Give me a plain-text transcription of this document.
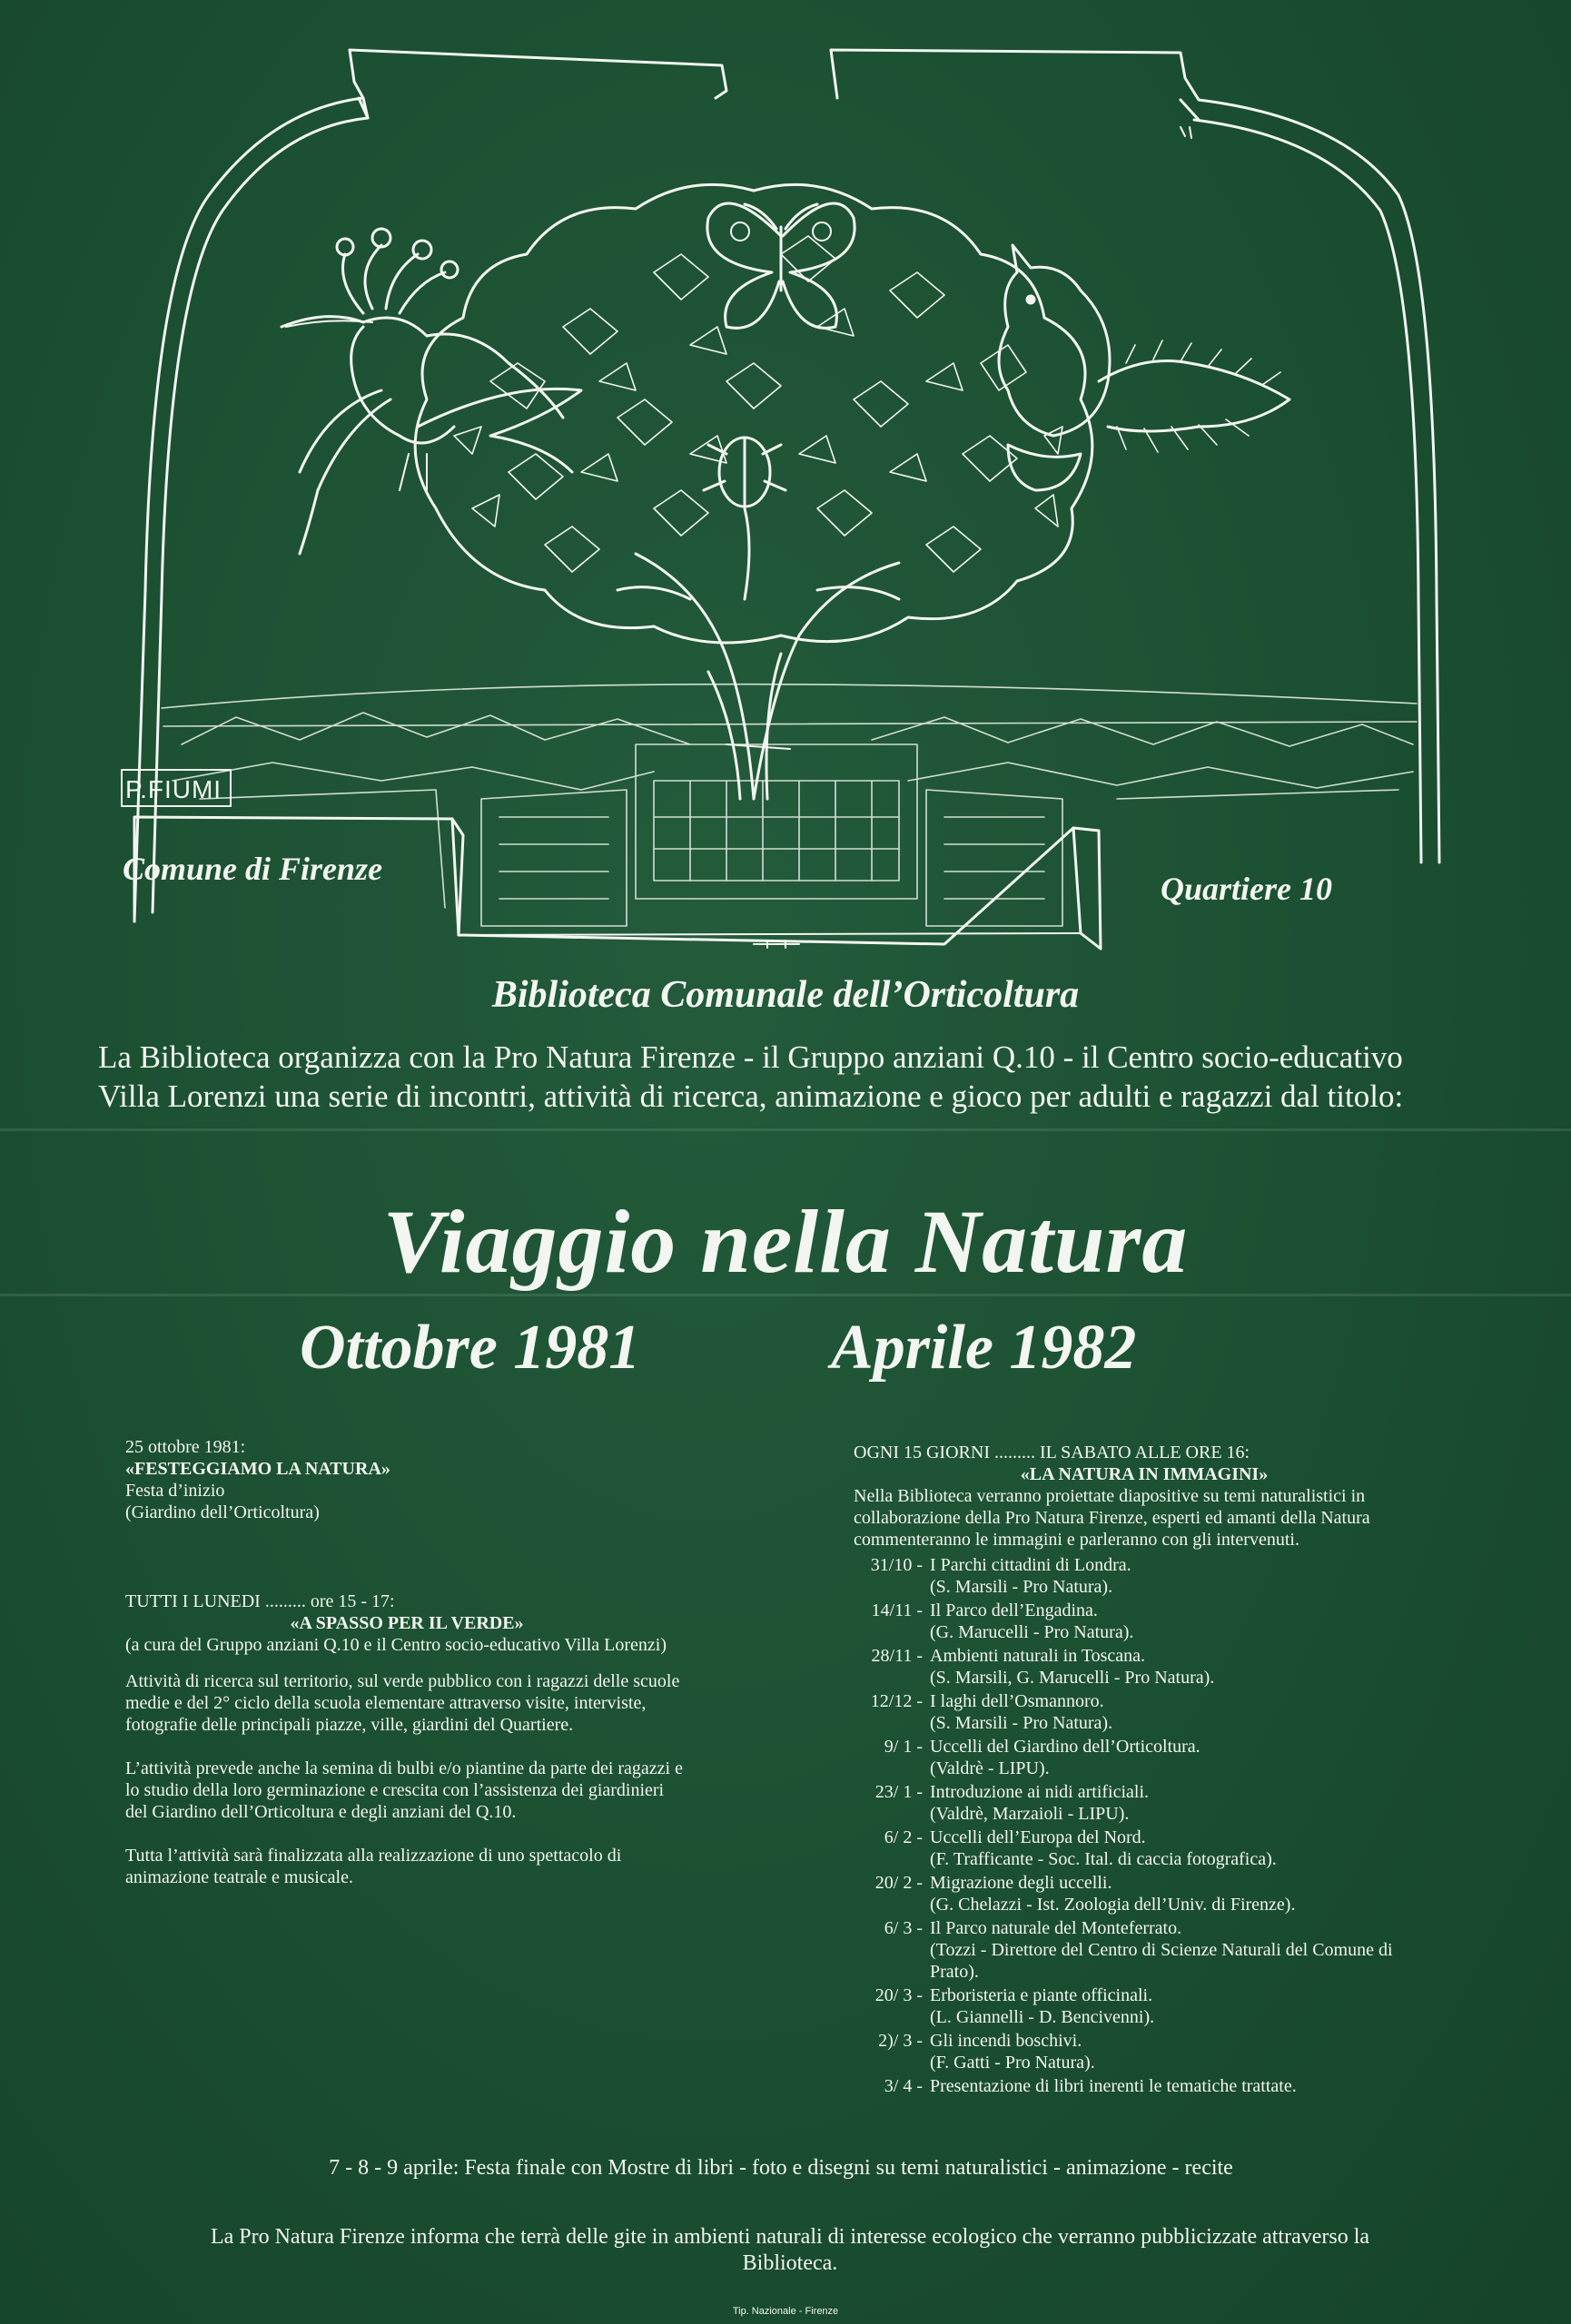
P.FIUMI
Comune di Firenze
Quartiere 10
Biblioteca Comunale dell’Orticoltura
La Biblioteca organizza con la Pro Natura Firenze - il Gruppo anziani Q.10 - il Centro socio-educativo Villa Lorenzi una serie di incontri, attività di ricerca, animazione e gioco per adulti e ragazzi dal titolo:
Viaggio nella Natura
Ottobre 1981	Aprile 1982

25 ottobre 1981:

«FESTEGGIAMO LA NATURA»

Festa d’inizio

(Giardino dell’Orticoltura)

TUTTI I LUNEDI ......... ore 15 - 17:

«A SPASSO PER IL VERDE»

(a cura del Gruppo anziani Q.10 e il Centro socio-educativo Villa Lorenzi)

Attività di ricerca sul territorio, sul verde pubblico con i ragazzi delle scuole medie e del 2° ciclo della scuola elementare attraverso visite, interviste, fotografie delle principali piazze, ville, giardini del Quartiere.

L’attività prevede anche la semina di bulbi e/o piantine da parte dei ragazzi e lo studio della loro germinazione e crescita con l’assistenza dei giardinieri del Giardino dell’Orticoltura e degli anziani del Q.10.

Tutta l’attività sarà finalizzata alla realizzazione di uno spettacolo di animazione teatrale e musicale.

OGNI 15 GIORNI ......... IL SABATO ALLE ORE 16:

«LA NATURA IN IMMAGINI»

Nella Biblioteca verranno proiettate diapositive su temi naturalistici in collaborazione della Pro Natura Firenze, esperti ed amanti della Natura commenteranno le immagini e parleranno con gli intervenuti.

31/10 - I Parchi cittadini di Londra.
(S. Marsili - Pro Natura).
14/11 - Il Parco dell’Engadina.
(G. Marucelli - Pro Natura).
28/11 - Ambienti naturali in Toscana.
(S. Marsili, G. Marucelli - Pro Natura).
12/12 - I laghi dell’Osmannoro.
(S. Marsili - Pro Natura).
9/ 1 - Uccelli del Giardino dell’Orticoltura.
(Valdrè - LIPU).
23/ 1 - Introduzione ai nidi artificiali.
(Valdrè, Marzaioli - LIPU).
6/ 2 - Uccelli dell’Europa del Nord.
(F. Trafficante - Soc. Ital. di caccia fotografica).
20/ 2 - Migrazione degli uccelli.
(G. Chelazzi - Ist. Zoologia dell’Univ. di Firenze).
6/ 3 - Il Parco naturale del Monteferrato.
(Tozzi - Direttore del Centro di Scienze Naturali del Comune di Prato).
20/ 3 - Erboristeria e piante officinali.
(L. Giannelli - D. Bencivenni).
2)/ 3 - Gli incendi boschivi.
(F. Gatti - Pro Natura).
3/ 4 - Presentazione di libri inerenti le tematiche trattate.
7 - 8 - 9 aprile: Festa finale con Mostre di libri - foto e disegni su temi naturalistici - animazione - recite
La Pro Natura Firenze informa che terrà delle gite in ambienti naturali di interesse ecologico che verranno pubblicizzate attraverso la Biblioteca.
Tip. Nazionale - Firenze
